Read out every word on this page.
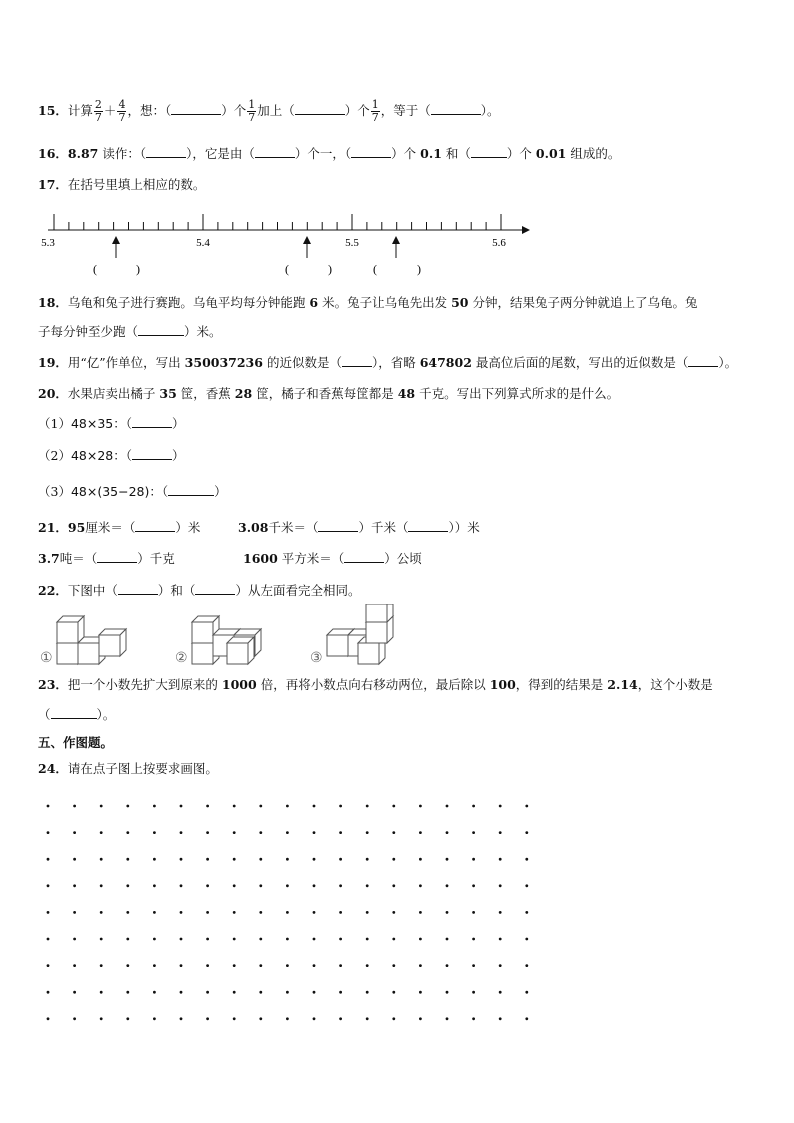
15．计算 $\frac{2}{7} + \frac{4}{7}$ ，想：（	）个 $\frac{1}{7}$ 加上（	）个 $\frac{1}{7}$ ，等于（	）。
16．8.87 读作：（	），它是由（	）个一，（	）个 0.1 和（	）个 0.01 组成的。
17．在括号里填上相应的数。
5.3	5.4	5.5	5.6
(	)	(	)	(	)
18．乌龟和兔子进行赛跑。乌龟平均每分钟能跑 6 米。兔子让乌龟先出发 50 分钟，结果兔子两分钟就追上了乌龟。兔
子每分钟至少跑（	）米。
19．用“亿”作单位，写出 350037236 的近似数是（ ），省略 647802 最高位后面的尾数，写出的近似数是（ ）。
20．水果店卖出橘子 35 筐，香蕉 28 筐，橘子和香蕉每筐都是 48 千克。写出下列算式所求的是什么。
（1）48×35：（	）
（2）48×28：（	）
（3）48×(35−28)：（	）
21．95厘米＝（	）米	3.08千米＝（	）千米（	））米
3.7吨＝（	）千克	1600 平方米＝（	）公顷
22．下图中（	）和（	）从左面看完全相同。
①	②	③
23．把一个小数先扩大到原来的 1000 倍，再将小数点向右移动两位，最后除以 100，得到的结果是 2.14，这个小数是
（	）。
五、作图题。
24．请在点子图上按要求画图。
